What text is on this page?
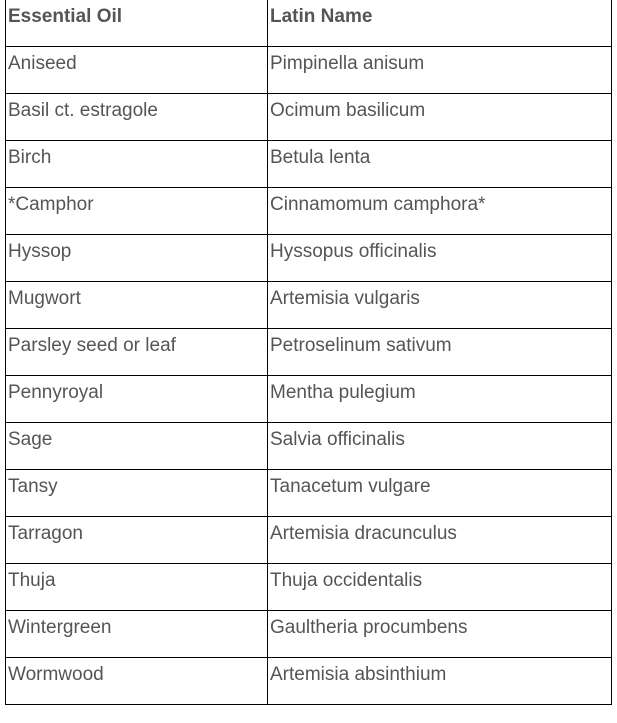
Essential Oil	Latin Name
Aniseed	Pimpinella anisum
Basil ct. estragole	Ocimum basilicum
Birch	Betula lenta
*Camphor	Cinnamomum camphora*
Hyssop	Hyssopus officinalis
Mugwort	Artemisia vulgaris
Parsley seed or leaf	Petroselinum sativum
Pennyroyal	Mentha pulegium
Sage	Salvia officinalis
Tansy	Tanacetum vulgare
Tarragon	Artemisia dracunculus
Thuja	Thuja occidentalis
Wintergreen	Gaultheria procumbens
Wormwood	Artemisia absinthium
